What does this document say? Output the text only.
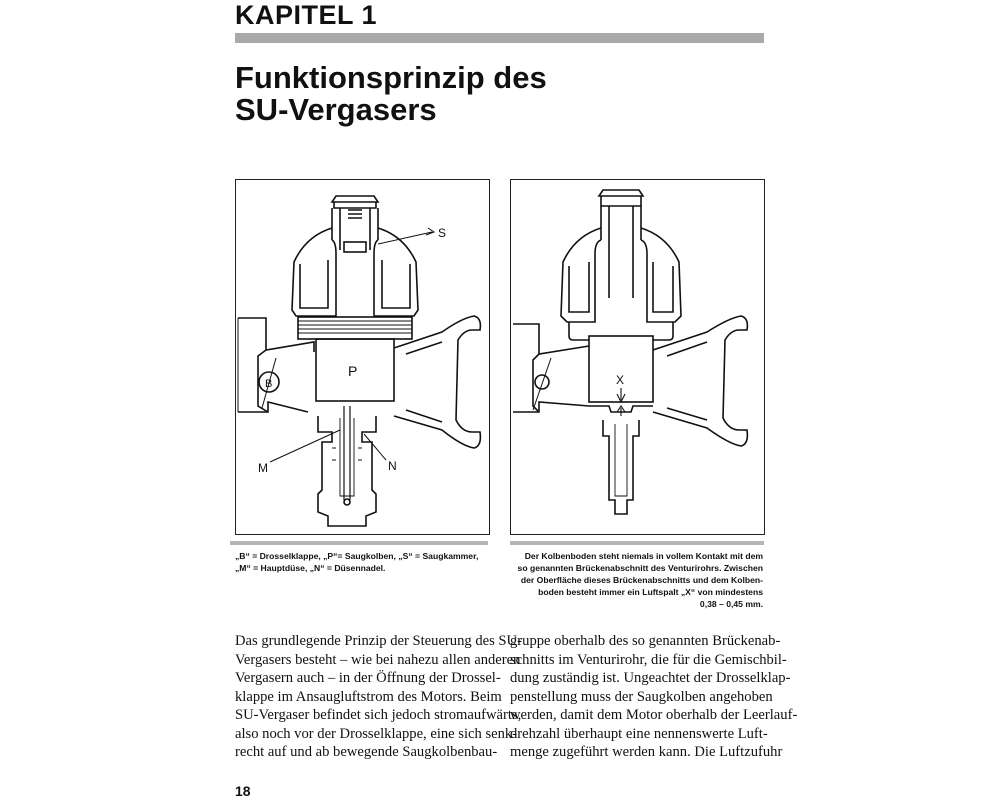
KAPITEL 1
Funktionsprinzip des
SU-Vergasers
S
P
B
M	N
X
„B“ = Drosselklappe, „P“= Saugkolben, „S“ = Saugkammer,
„M“ = Hauptdüse, „N“ = Düsennadel.
Der Kolbenboden steht niemals in vollem Kontakt mit dem
so genannten Brückenabschnitt des Venturirohrs. Zwischen
der Oberfläche dieses Brückenabschnitts und dem Kolben-
boden besteht immer ein Luftspalt „X“ von mindestens
0,38 – 0,45 mm.
Das grundlegende Prinzip der Steuerung des SU-
Vergasers besteht – wie bei nahezu allen anderen
Vergasern auch – in der Öffnung der Drossel-
klappe im Ansaugluftstrom des Motors. Beim
SU-Vergaser befindet sich jedoch stromaufwärts,
also noch vor der Drosselklappe, eine sich senk-
recht auf und ab bewegende Saugkolbenbau-
gruppe oberhalb des so genannten Brückenab-
schnitts im Venturirohr, die für die Gemischbil-
dung zuständig ist. Ungeachtet der Drosselklap-
penstellung muss der Saugkolben angehoben
werden, damit dem Motor oberhalb der Leerlauf-
drehzahl überhaupt eine nennenswerte Luft-
menge zugeführt werden kann. Die Luftzufuhr
18
